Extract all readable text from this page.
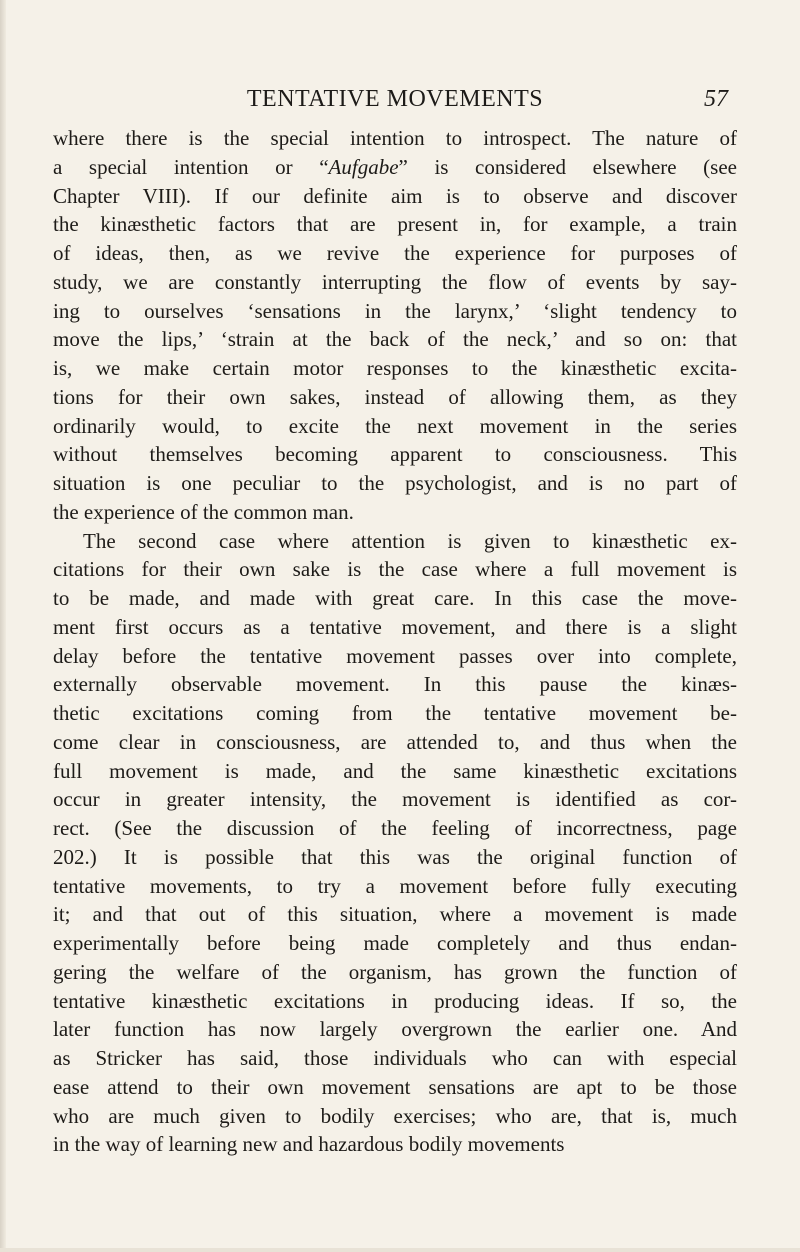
TENTATIVE MOVEMENTS	57
where there is the special intention to introspect. The nature of
a special intention or “Aufgabe” is considered elsewhere (see
Chapter VIII). If our definite aim is to observe and discover
the kinæsthetic factors that are present in, for example, a train
of ideas, then, as we revive the experience for purposes of
study, we are constantly interrupting the flow of events by say-
ing to ourselves ‘sensations in the larynx,’ ‘slight tendency to
move the lips,’ ‘strain at the back of the neck,’ and so on: that
is, we make certain motor responses to the kinæsthetic excita-
tions for their own sakes, instead of allowing them, as they
ordinarily would, to excite the next movement in the series
without themselves becoming apparent to consciousness. This
situation is one peculiar to the psychologist, and is no part of
the experience of the common man.
The second case where attention is given to kinæsthetic ex-
citations for their own sake is the case where a full movement is
to be made, and made with great care. In this case the move-
ment first occurs as a tentative movement, and there is a slight
delay before the tentative movement passes over into complete,
externally observable movement. In this pause the kinæs-
thetic excitations coming from the tentative movement be-
come clear in consciousness, are attended to, and thus when the
full movement is made, and the same kinæsthetic excitations
occur in greater intensity, the movement is identified as cor-
rect. (See the discussion of the feeling of incorrectness, page
202.) It is possible that this was the original function of
tentative movements, to try a movement before fully executing
it; and that out of this situation, where a movement is made
experimentally before being made completely and thus endan-
gering the welfare of the organism, has grown the function of
tentative kinæsthetic excitations in producing ideas. If so, the
later function has now largely overgrown the earlier one. And
as Stricker has said, those individuals who can with especial
ease attend to their own movement sensations are apt to be those
who are much given to bodily exercises; who are, that is, much
in the way of learning new and hazardous bodily movements
